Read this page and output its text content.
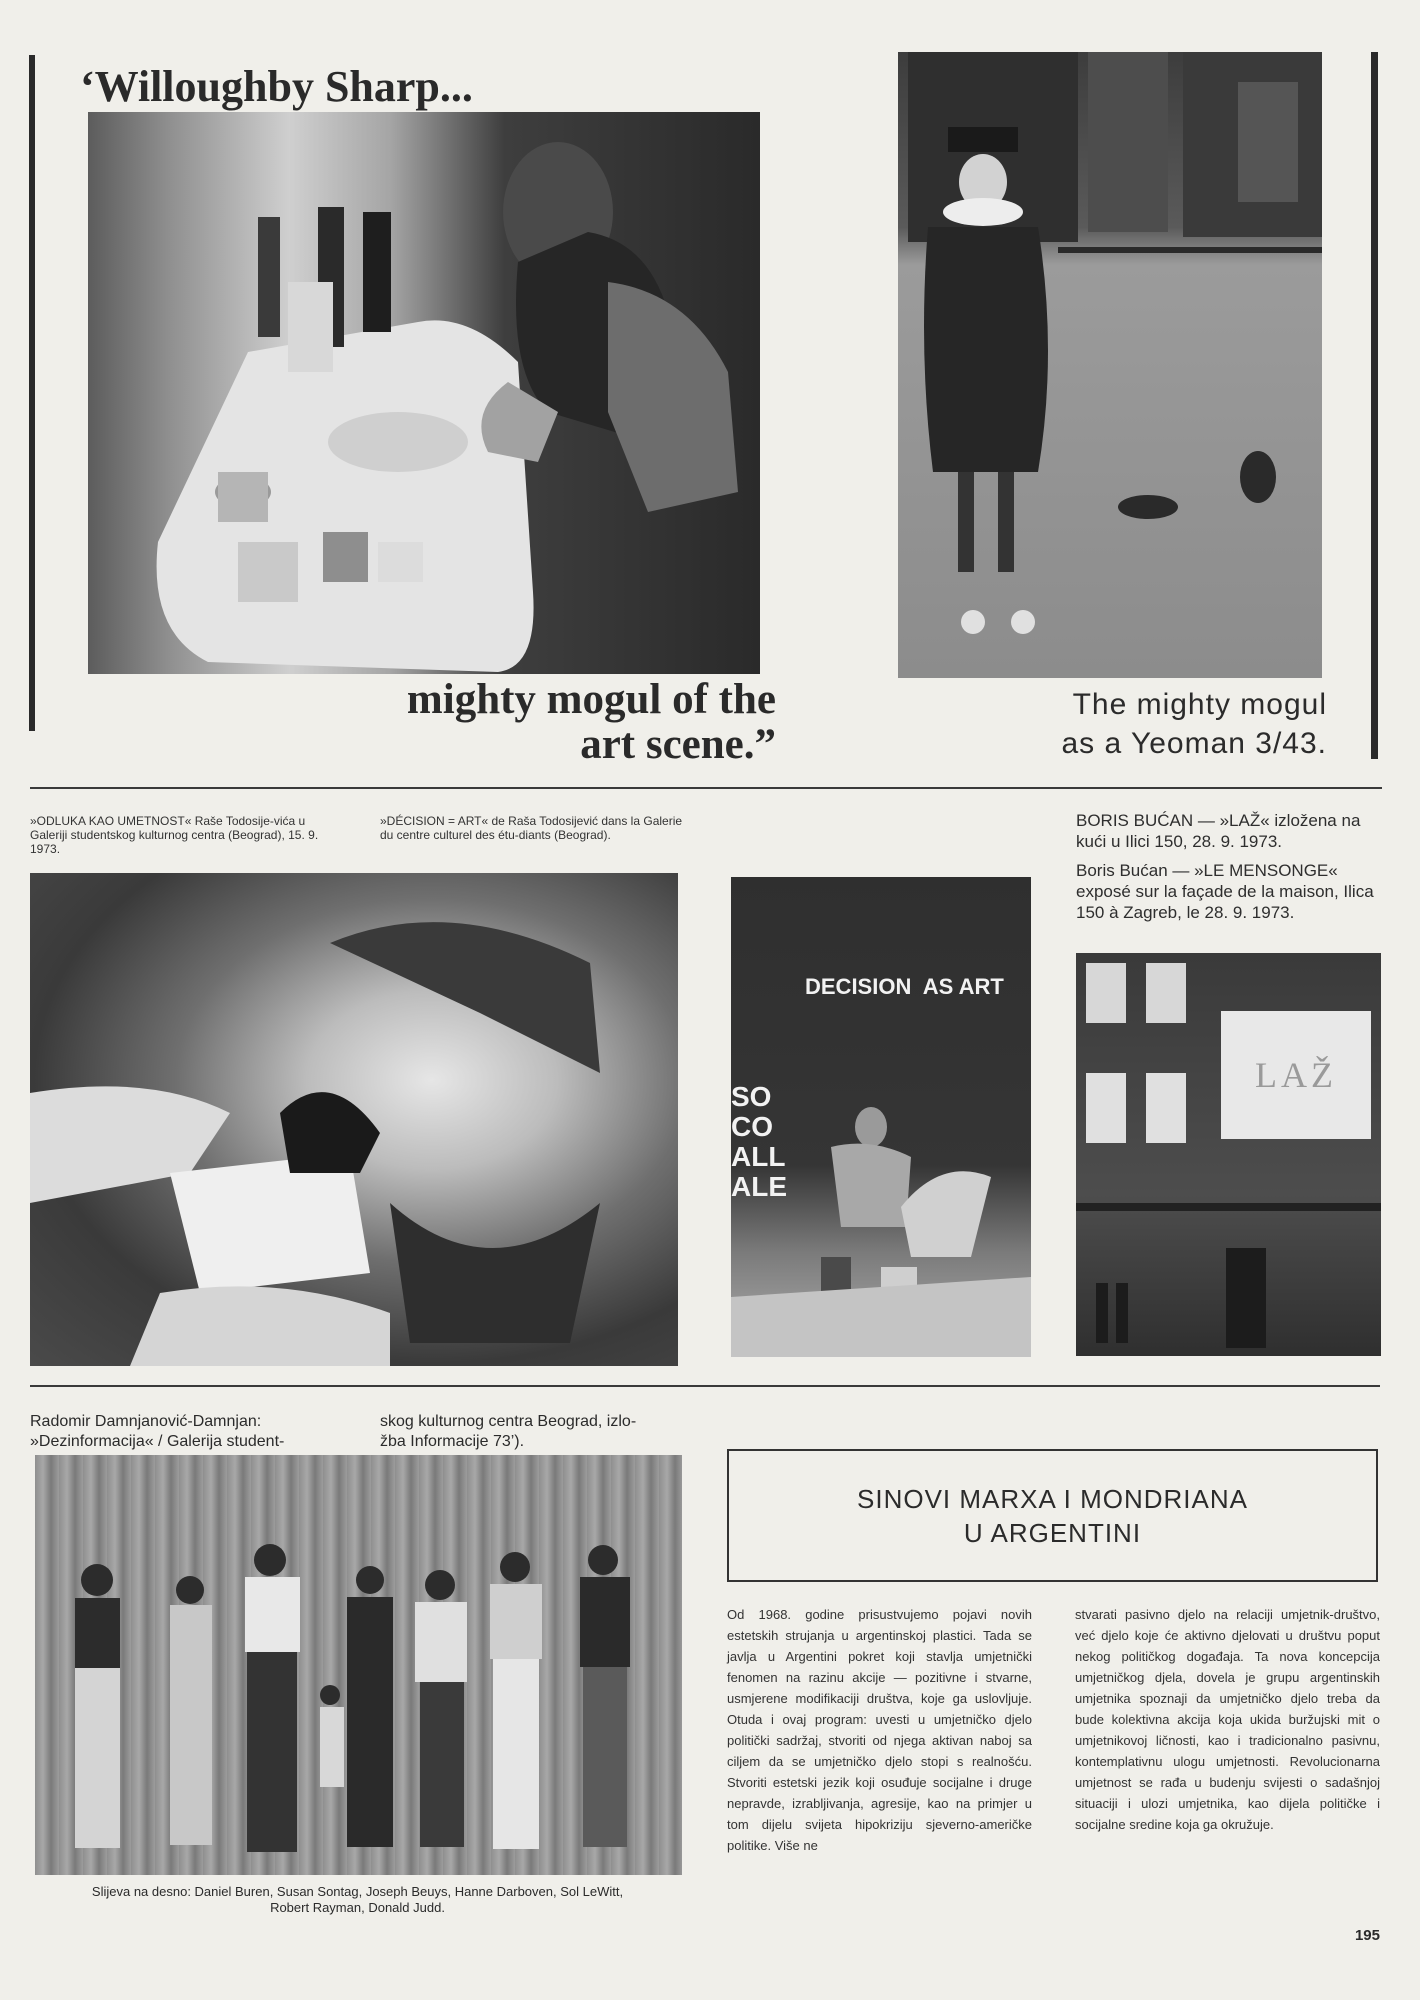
‘Willoughby Sharp...
mighty mogul of the
art scene.”
The mighty mogul
as a Yeoman 3/43.
»ODLUKA KAO UMETNOST« Raše Todosije-vića u Galeriji studentskog kulturnog centra (Beograd), 15. 9. 1973.
»DÉCISION = ART« de Raša Todosijević dans la Galerie du centre culturel des étu-diants (Beograd).
BORIS BUĆAN — »LAŽ« izložena na kući u Ilici 150, 28. 9. 1973.
Boris Bućan — »LE MENSONGE« exposé sur la façade de la maison, Ilica 150 à Zagreb, le 28. 9. 1973.
DECISION  AS ART
SO
CO
ALL
ALE
LAŽ
Radomir Damnjanović-Damnjan:
»Dezinformacija« / Galerija student-
skog kulturnog centra Beograd, izlo-
žba Informacije 73’).
Slijeva na desno: Daniel Buren, Susan Sontag, Joseph Beuys, Hanne Darboven, Sol LeWitt,
Robert Rayman, Donald Judd.
SINOVI MARXA I MONDRIANA
U ARGENTINI

Od 1968. godine prisustvujemo pojavi novih estetskih strujanja u argentinskoj plastici. Tada se javlja u Argentini pokret koji stavlja umjetnički fenomen na razinu akcije — pozitivne i stvarne, usmjerene modifikaciji društva, koje ga uslovljuje. Otuda i ovaj program: uvesti u umjetničko djelo politički sadržaj, stvoriti od njega aktivan naboj sa ciljem da se umjetničko djelo stopi s realnošću. Stvoriti estetski jezik koji osuđuje socijalne i druge nepravde, izrabljivanja, agresije, kao na primjer u tom dijelu svijeta hipokriziju sjeverno-američke politike. Više ne

stvarati pasivno djelo na relaciji umjetnik-društvo, već djelo koje će aktivno djelovati u društvu poput nekog političkog događaja. Ta nova koncepcija umjetničkog djela, dovela je grupu argentinskih umjetnika spoznaji da umjetničko djelo treba da bude kolektivna akcija koja ukida buržujski mit o umjetnikovoj ličnosti, kao i tradicionalno pasivnu, kontemplativnu ulogu umjetnosti. Revolucionarna umjetnost se rađa u budenju svijesti o sadašnjoj situaciji i ulozi umjetnika, kao dijela političke i socijalne sredine koja ga okružuje.

195
